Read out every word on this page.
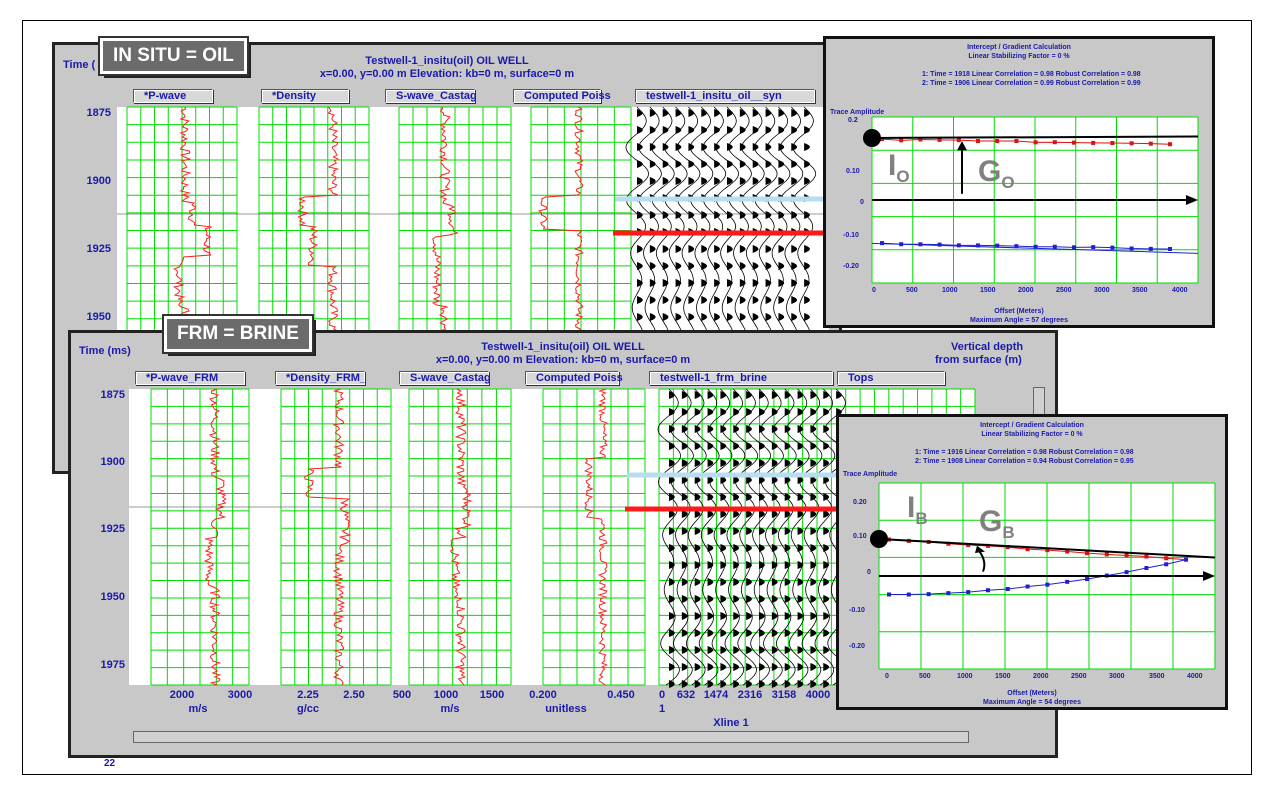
Testwell-1_insitu(oil) OIL WELL
x=0.00, y=0.00 m Elevation: kb=0 m, surface=0 m
Time (
*P-wave	*Density	S-wave_Castag	Computed Poiss	testwell-1_insitu_oil__syn
1875
1900
1925
1950
IN SITU = OIL
Testwell-1_insitu(oil) OIL WELL
x=0.00, y=0.00 m Elevation: kb=0 m, surface=0 m
Time (ms)	Vertical depth
from surface (m)
*P-wave_FRM	*Density_FRM_	S-wave_Castag	Computed Poiss	testwell-1_frm_brine	Tops
1875
1900
1925
1950
1975
2000	3000
m/s
2.25	2.50
g/cc
500	1000 1500
m/s
0.200	0.450
unitless
0	632 1474 2316 3158 4000
1
Xline 1
FRM = BRINE
22
Intercept / Gradient Calculation
Linear Stabilizing Factor = 0 %
1: Time = 1918 Linear Correlation = 0.98 Robust Correlation = 0.98
2: Time = 1906 Linear Correlation = 0.99 Robust Correlation = 0.99
Trace Amplitude
0.2
0.10
0
-0.10
-0.20
0	500	1000	1500	2000	2500	3000	3500	4000
Offset (Meters)
Maximum Angle = 57 degrees
$I_O$ $G_O$
Intercept / Gradient Calculation
Linear Stabilizing Factor = 0 %
1: Time = 1916 Linear Correlation = 0.98 Robust Correlation = 0.98
2: Time = 1908 Linear Correlation = 0.94 Robust Correlation = 0.95
Trace Amplitude
0.20
0.10
0
-0.10
-0.20
0	500	1000	1500	2000	2500	3000	3500	4000
Offset (Meters)
Maximum Angle = 54 degrees
$I_B$ $G_B$
